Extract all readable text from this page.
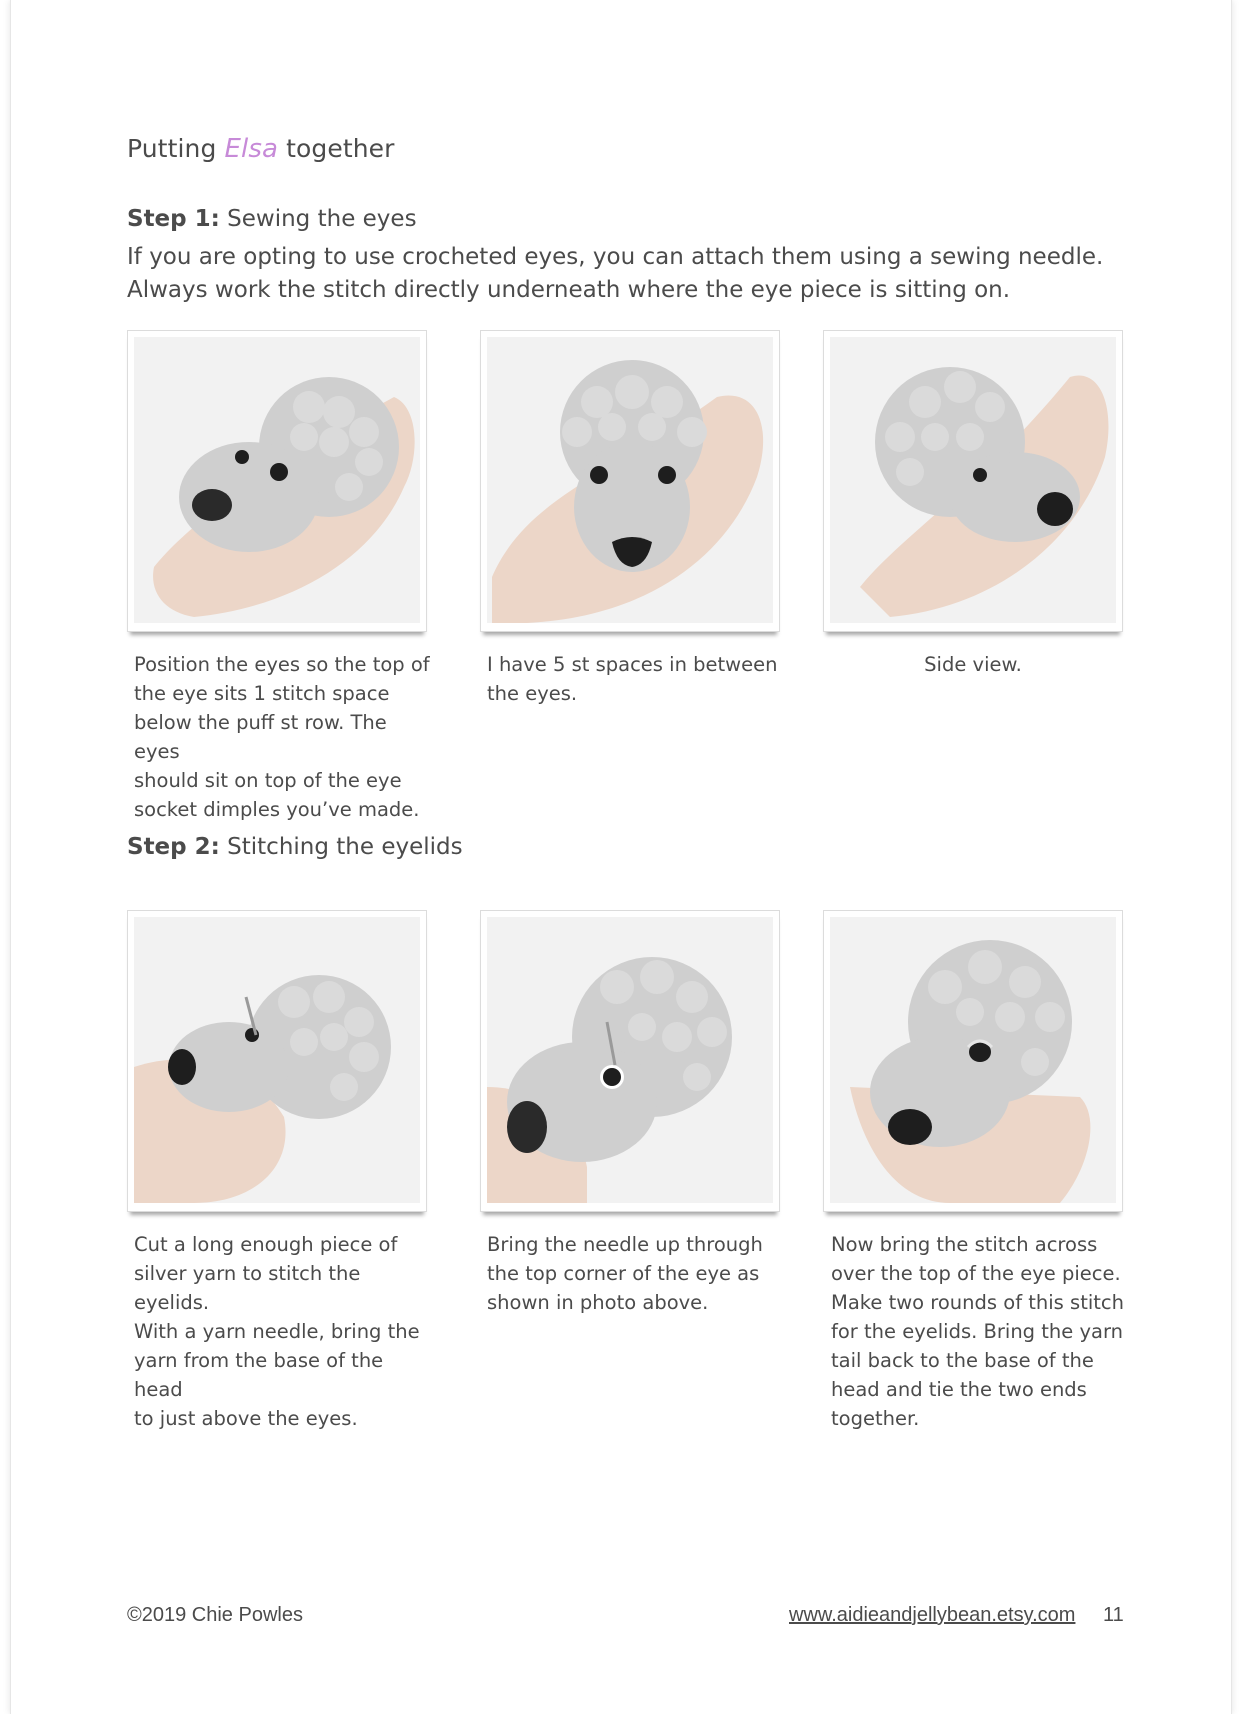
Putting Elsa together
Step 1: Sewing the eyes
If you are opting to use crocheted eyes, you can attach them using a sewing needle.
Always work the stitch directly underneath where the eye piece is sitting on.
Position the eyes so the top of
the eye sits 1 stitch space
below the puff st row. The eyes
should sit on top of the eye
socket dimples you’ve made.
I have 5 st spaces in between
the eyes.
Side view.
Step 2: Stitching the eyelids
Cut a long enough piece of
silver yarn to stitch the eyelids.
With a yarn needle, bring the
yarn from the base of the head
to just above the eyes.
Bring the needle up through
the top corner of the eye as
shown in photo above.
Now bring the stitch across
over the top of the eye piece.
Make two rounds of this stitch
for the eyelids. Bring the yarn
tail back to the base of the
head and tie the two ends
together.
©2019 Chie Powles	www.aidieandjellybean.etsy.com 11
